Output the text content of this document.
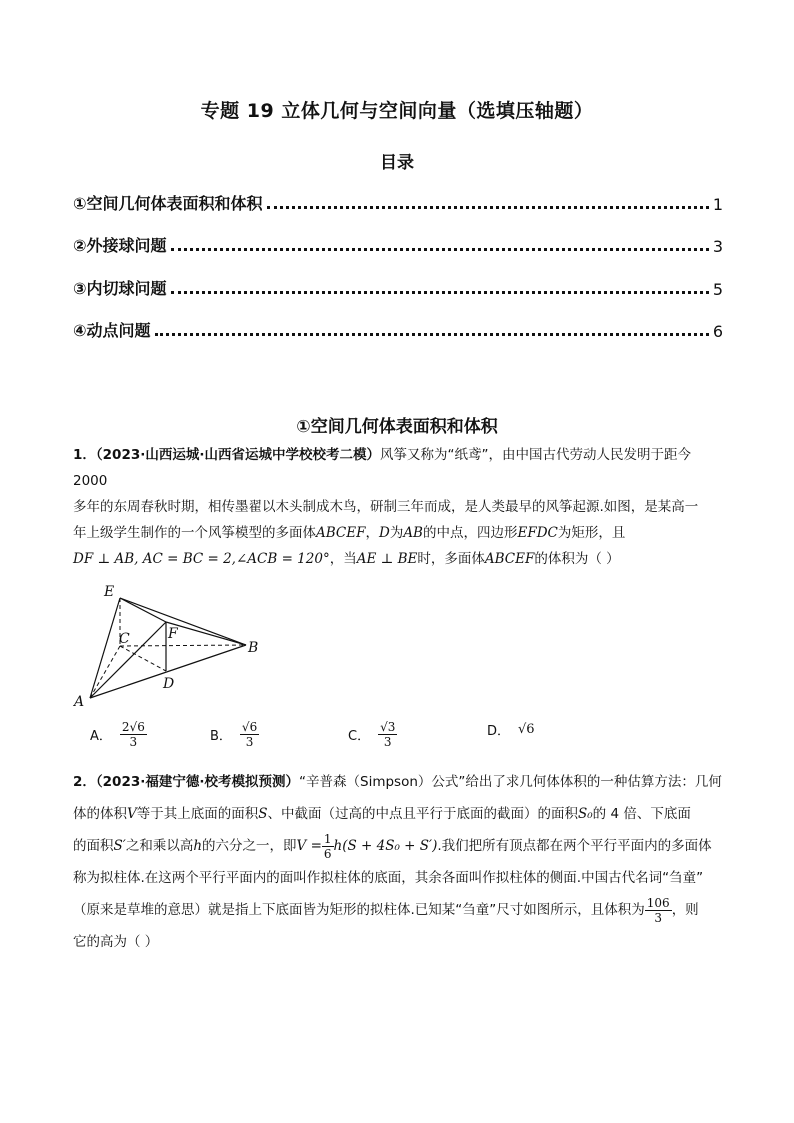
专题 19 立体几何与空间向量（选填压轴题）
目录
①空间几何体表面积和体积	1
②外接球问题	3
③内切球问题	5
④动点问题	6
①空间几何体表面积和体积
1．（2023·山西运城·山西省运城中学校校考二模）风筝又称为“纸鸢”，由中国古代劳动人民发明于距今 2000
多年的东周春秋时期，相传墨翟以木头制成木鸟，研制三年而成，是人类最早的风筝起源.如图，是某高一
年上级学生制作的一个风筝模型的多面体ABCEF，D为AB的中点，四边形EFDC为矩形，且
DF ⊥ AB, AC = BC = 2,∠ACB = 120°，当AE ⊥ BE时，多面体ABCEF的体积为（ ）
E
C	F
B
D
A
A． $\frac{2√6}{3}$	B． $\frac{√6}{3}$	C． $\frac{√3}{3}$	D． √6
2．（2023·福建宁德·校考模拟预测）“辛普森（Simpson）公式”给出了求几何体体积的一种估算方法：几何
体的体积V等于其上底面的面积S、中截面（过高的中点且平行于底面的截面）的面积S₀的 4 倍、下底面
的面积S′之和乘以高h的六分之一，即$V = \frac{1}{6} h(S + 4S_0 + S')$.我们把所有顶点都在两个平行平面内的多面体
称为拟柱体.在这两个平行平面内的面叫作拟柱体的底面，其余各面叫作拟柱体的侧面.中国古代名词“刍童”
（原来是草堆的意思）就是指上下底面皆为矩形的拟柱体.已知某“刍童”尺寸如图所示，且体积为 $\frac{106}{3}$ ，则
它的高为（ ）
